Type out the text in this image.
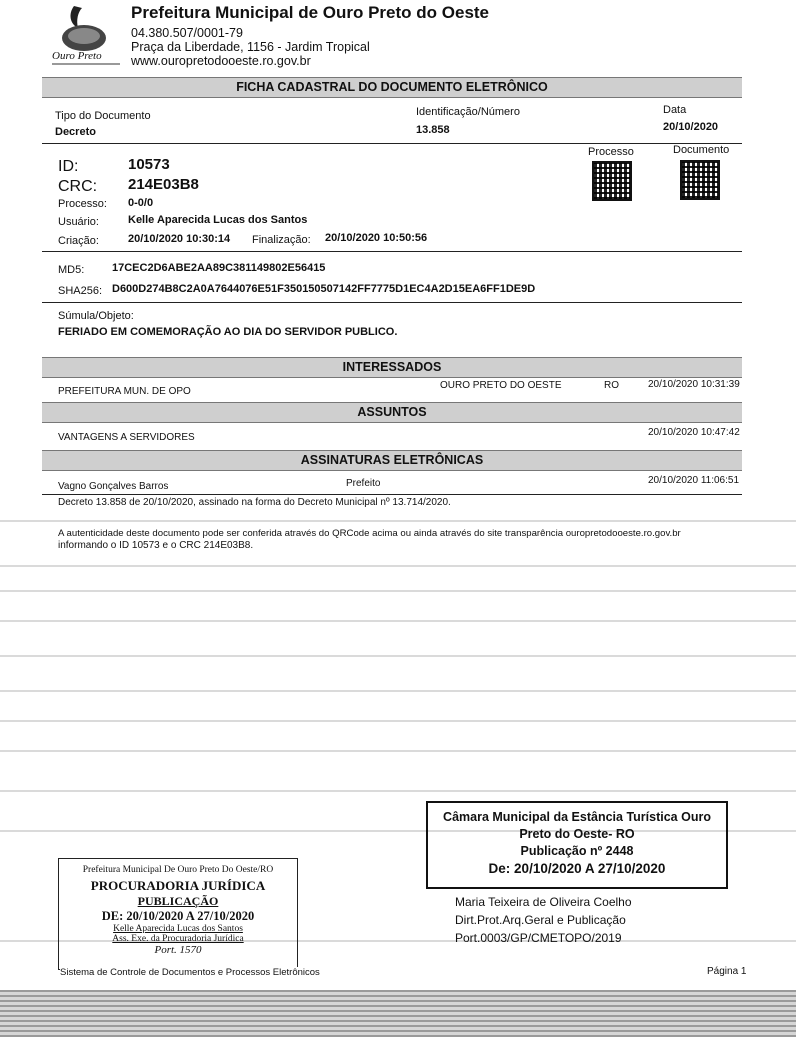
Ouro Preto
Prefeitura Municipal de Ouro Preto do Oeste
04.380.507/0001-79
Praça da Liberdade, 1156 - Jardim Tropical
www.ouropretodooeste.ro.gov.br
FICHA CADASTRAL DO DOCUMENTO ELETRÔNICO
Tipo do Documento
Decreto
Identificação/Número
13.858
Data
20/10/2020
ID:	10573
CRC: 214E03B8
Processo: 0-0/0
Usuário:	Kelle Aparecida Lucas dos Santos
Criação:	20/10/2020 10:30:14 Finalização: 20/10/2020 10:50:56
Processo	Documento
MD5:	17CEC2D6ABE2AA89C381149802E56415
SHA256: D600D274B8C2A0A7644076E51F350150507142FF7775D1EC4A2D15EA6FF1DE9D
Súmula/Objeto:
FERIADO EM COMEMORAÇÃO AO DIA DO SERVIDOR PUBLICO.
INTERESSADOS
PREFEITURA MUN. DE OPO
OURO PRETO DO OESTE	RO	20/10/2020 10:31:39
ASSUNTOS
VANTAGENS A SERVIDORES	20/10/2020 10:47:42
ASSINATURAS ELETRÔNICAS
Vagno Gonçalves Barros	Prefeito	20/10/2020 11:06:51
Decreto 13.858 de 20/10/2020, assinado na forma do Decreto Municipal nº 13.714/2020.
A autenticidade deste documento pode ser conferida através do QRCode acima ou ainda através do site transparência ouropretodooeste.ro.gov.br
informando o ID 10573 e o CRC 214E03B8.
Câmara Municipal da Estância Turística Ouro
Preto do Oeste- RO
Publicação nº 2448
De: 20/10/2020 A 27/10/2020
Maria Teixeira de Oliveira Coelho
Dirt.Prot.Arq.Geral e Publicação
Port.0003/GP/CMETOPO/2019
Prefeitura Municipal De Ouro Preto Do Oeste/RO
PROCURADORIA JURÍDICA
PUBLICAÇÃO
DE: 20/10/2020 A 27/10/2020
Kelle Aparecida Lucas dos Santos
Ass. Exe. da Procuradoria Jurídica
Port. 1570
Sistema de Controle de Documentos e Processos Eletrônicos	Página 1
